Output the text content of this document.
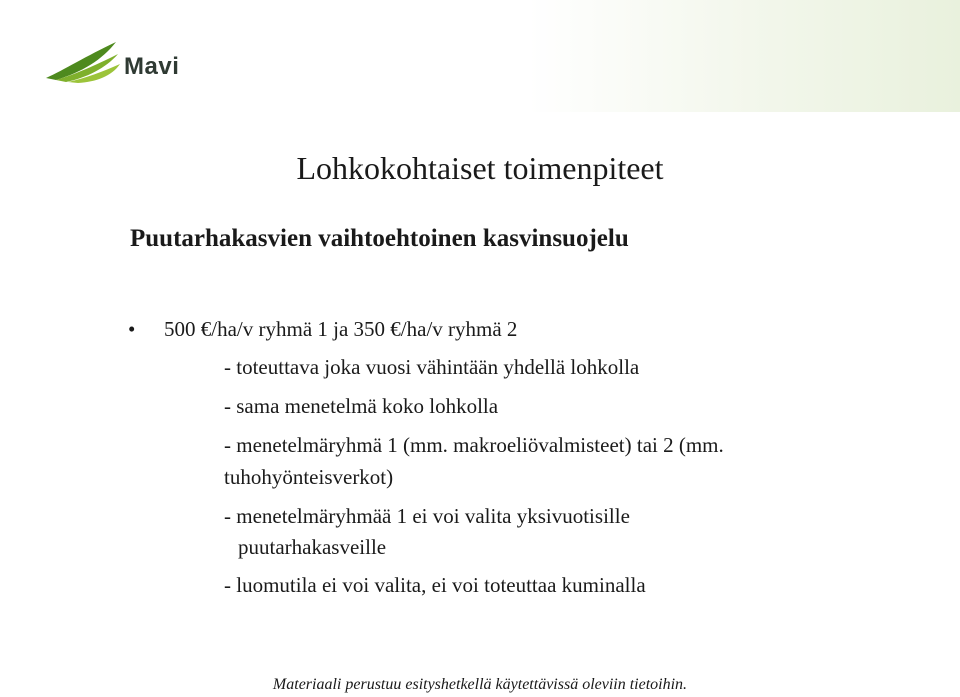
Mavi
Lohkokohtaiset toimenpiteet
Puutarhakasvien vaihtoehtoinen kasvinsuojelu
• 500 €/ha/v ryhmä 1 ja 350 €/ha/v ryhmä 2
- toteuttava joka vuosi vähintään yhdellä lohkolla
- sama menetelmä koko lohkolla
- menetelmäryhmä 1 (mm. makroeliövalmisteet) tai 2 (mm.
tuhohyönteisverkot)
- menetelmäryhmää 1 ei voi valita yksivuotisille
puutarhakasveille
- luomutila ei voi valita, ei voi toteuttaa kuminalla
Materiaali perustuu esityshetkellä käytettävissä oleviin tietoihin.
